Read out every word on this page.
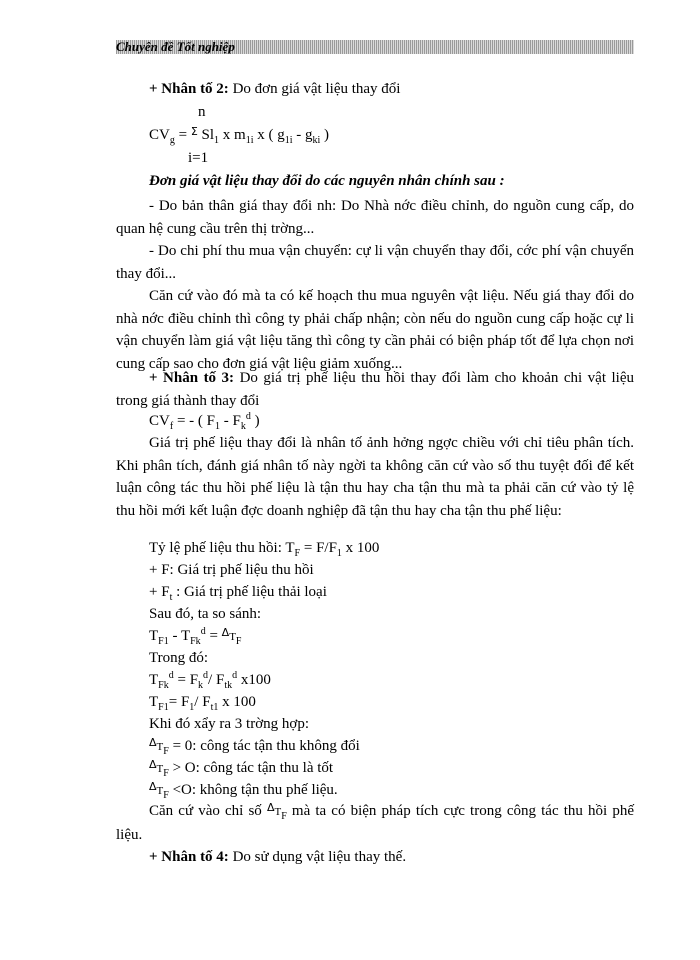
Chuyên đề Tốt nghiệp
+ Nhân tố 2: Do đơn giá vật liệu thay đổi
n
$CV_g = ^\Sigma$ $Sl_1$ x $m_{1i}$ x ( $g_{1i} - g_{ki}$ )
i=1
Đơn giá vật liệu thay đổi do các nguyên nhân chính sau :
- Do bản thân giá thay đổi nh: Do Nhà nớc điều chỉnh, do nguồn cung cấp, do quan hệ cung cầu trên thị trờng...
- Do chi phí thu mua vận chuyển: cự li vận chuyển thay đổi, cớc phí vận chuyển thay đổi...
Căn cứ vào đó mà ta có kế hoạch thu mua nguyên vật liệu. Nếu giá thay đổi do nhà nớc điều chỉnh thì công ty phải chấp nhận; còn nếu do nguồn cung cấp hoặc cự li vận chuyển làm giá vật liệu tăng thì công ty cần phải có biện pháp tốt để lựa chọn nơi cung cấp sao cho đơn giá vật liệu giảm xuống...
+ Nhân tố 3: Do giá trị phế liệu thu hồi thay đổi làm cho khoản chi vật liệu trong giá thành thay đổi
$CV_f$ = - ( $F_1 - F_k^d$ )
Giá trị phế liệu thay đổi là nhân tố ảnh hởng ngợc chiều với chỉ tiêu phân tích. Khi phân tích, đánh giá nhân tố này ngời ta không căn cứ vào số thu tuyệt đối để kết luận công tác thu hồi phế liệu là tận thu hay cha tận thu mà ta phải căn cứ vào tỷ lệ thu hồi mới kết luận đợc doanh nghiệp đã tận thu hay cha tận thu phế liệu:
Tỷ lệ phế liệu thu hồi: $T_F = F/F_1$ x 100
+ F: Giá trị phế liệu thu hồi
+ $F_t$ : Giá trị phế liệu thải loại
Sau đó, ta so sánh:
$T_{F1} - T_{Fk}^d = ^\Delta T_F$
Trong đó:
$T_{Fk}^d = F_k^d/$ $F_{tk}^d$ x100
$T_{F1}= F_1/$ $F_{t1}$ x 100
Khi đó xẩy ra 3 trờng hợp:
$^\Delta T_F = 0$: công tác tận thu không đổi
$^\Delta T_F > O$: công tác tận thu là tốt
$^\Delta T_F <O$: không tận thu phế liệu.
Căn cứ vào chỉ số $^\Delta T_F$ mà ta có biện pháp tích cực trong công tác thu hồi phế liệu.
+ Nhân tố 4: Do sử dụng vật liệu thay thế.
